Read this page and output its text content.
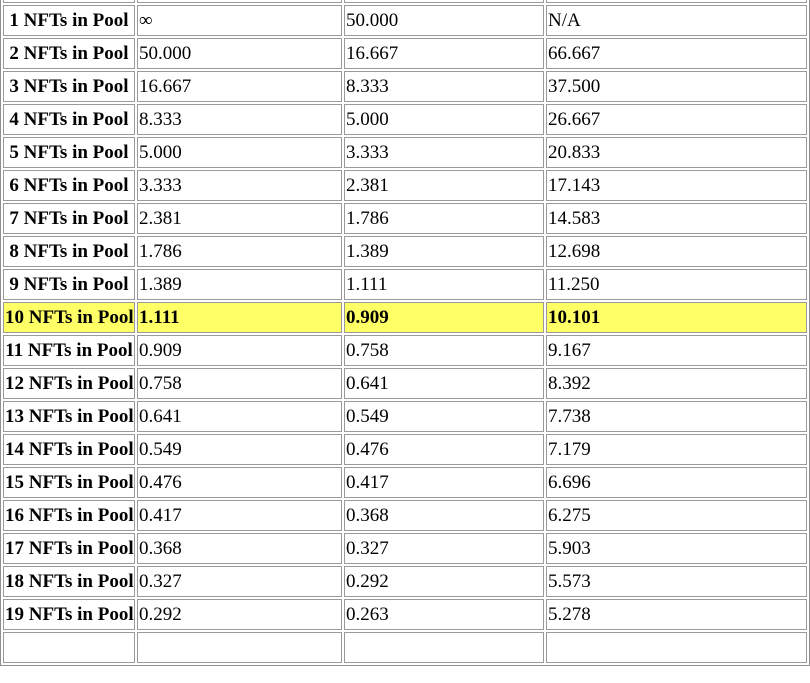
1 NFTs in Pool	∞	50.000	N/A
2 NFTs in Pool	50.000	16.667	66.667
3 NFTs in Pool	16.667	8.333	37.500
4 NFTs in Pool	8.333	5.000	26.667
5 NFTs in Pool	5.000	3.333	20.833
6 NFTs in Pool	3.333	2.381	17.143
7 NFTs in Pool	2.381	1.786	14.583
8 NFTs in Pool	1.786	1.389	12.698
9 NFTs in Pool	1.389	1.111	11.250
10 NFTs in Pool	1.111	0.909	10.101
11 NFTs in Pool	0.909	0.758	9.167
12 NFTs in Pool	0.758	0.641	8.392
13 NFTs in Pool	0.641	0.549	7.738
14 NFTs in Pool	0.549	0.476	7.179
15 NFTs in Pool	0.476	0.417	6.696
16 NFTs in Pool	0.417	0.368	6.275
17 NFTs in Pool	0.368	0.327	5.903
18 NFTs in Pool	0.327	0.292	5.573
19 NFTs in Pool	0.292	0.263	5.278
